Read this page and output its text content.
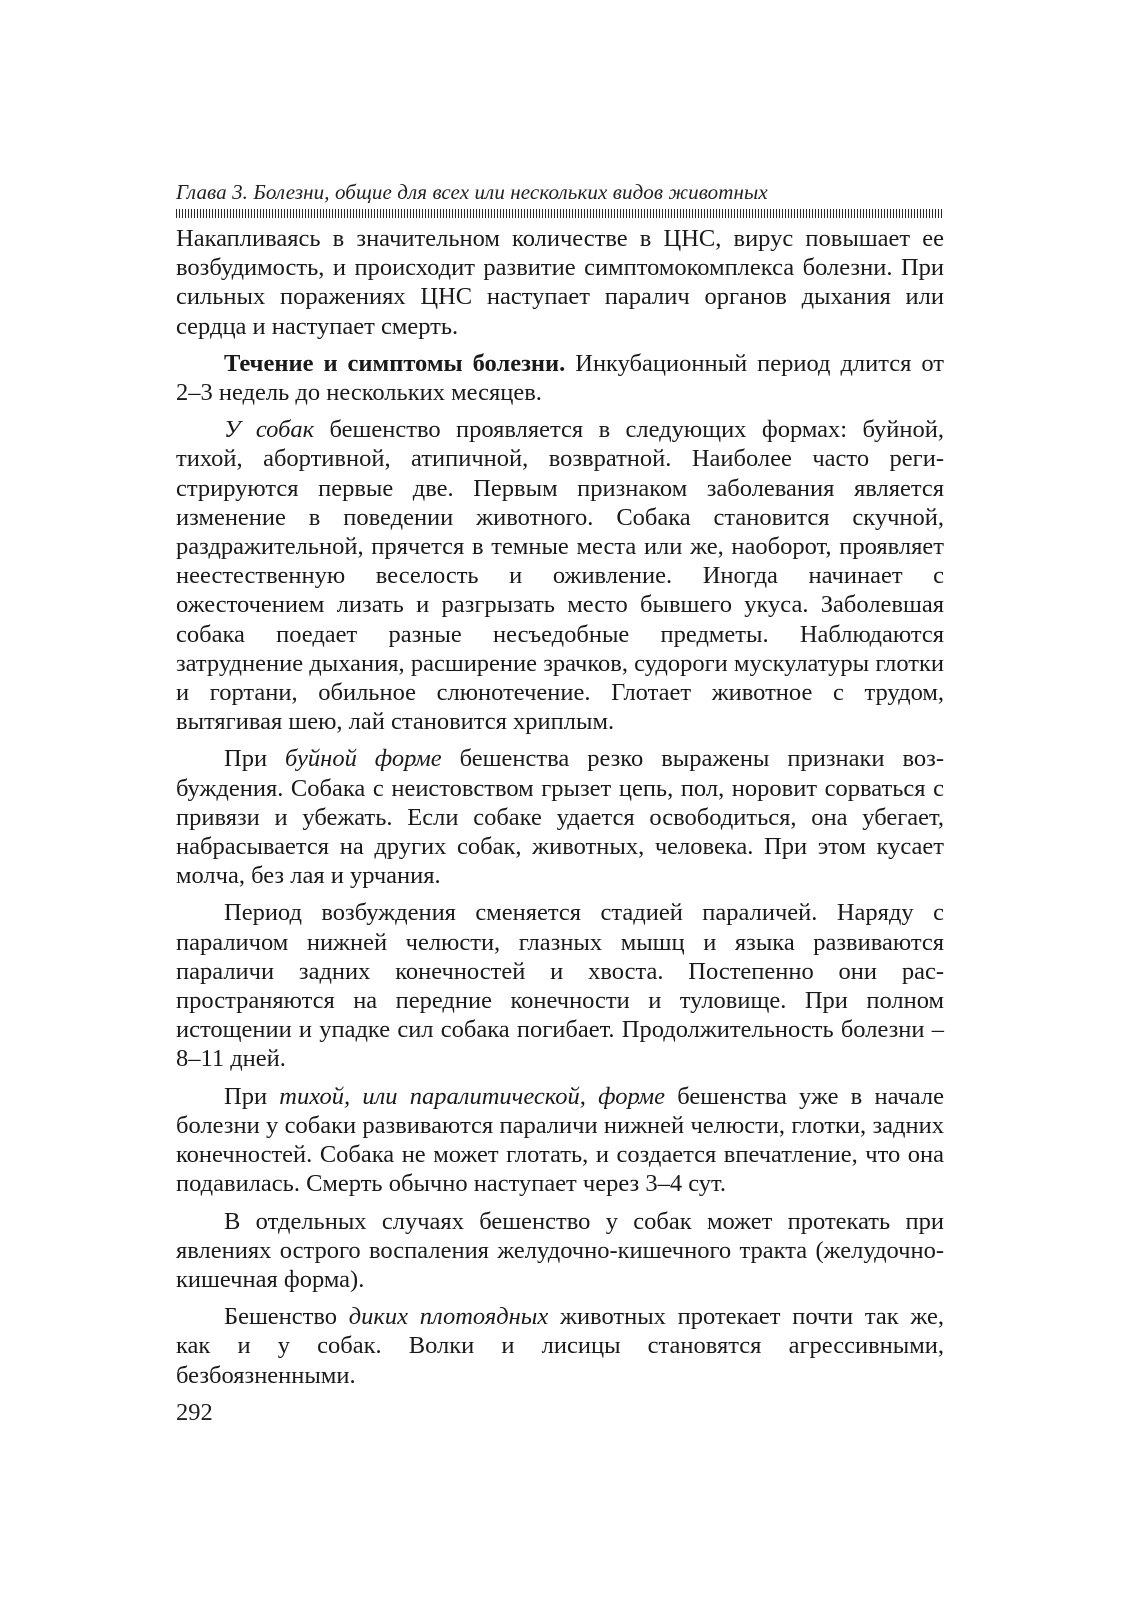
Глава 3. Болезни, общие для всех или нескольких видов животных

Накапливаясь в значительном количестве в ЦНС, вирус повышает ее возбудимость, и происходит развитие симптомокомплекса болезни. При сильных поражениях ЦНС наступает паралич органов дыхания или сердца и наступает смерть.

Течение и симптомы болезни. Инкубационный период длится от 2–3 недель до нескольких месяцев.

У собак бешенство проявляется в следующих формах: буйной, тихой, абортивной, атипичной, возвратной. Наиболее часто регистрируются первые две. Первым признаком заболевания является изменение в поведении животного. Собака становится скучной, раздражительной, прячется в темные места или же, наоборот, проявляет неестественную веселость и оживление. Иногда начинает с ожесточением лизать и разгрызать место бывшего укуса. Заболевшая собака поедает разные несъедобные предметы. Наблюдаются затруднение дыхания, расширение зрачков, судороги мускулатуры глотки и гортани, обильное слюнотечение. Глотает животное с трудом, вытягивая шею, лай становится хриплым.

При буйной форме бешенства резко выражены признаки возбуждения. Собака с неистовством грызет цепь, пол, норовит сорваться с привязи и убежать. Если собаке удается освободиться, она убегает, набрасывается на других собак, животных, человека. При этом кусает молча, без лая и урчания.

Период возбуждения сменяется стадией параличей. Наряду с параличом нижней челюсти, глазных мышц и языка развиваются параличи задних конечностей и хвоста. Постепенно они распространяются на передние конечности и туловище. При полном истощении и упадке сил собака погибает. Продолжительность болезни – 8–11 дней.

При тихой, или паралитической, форме бешенства уже в начале болезни у собаки развиваются параличи нижней челюсти, глотки, задних конечностей. Собака не может глотать, и создается впечатление, что она подавилась. Смерть обычно наступает через 3–4 сут.

В отдельных случаях бешенство у собак может протекать при явлениях острого воспаления желудочно-кишечного тракта (желудочно-кишечная форма).

Бешенство диких плотоядных животных протекает почти так же, как и у собак. Волки и лисицы становятся агрессивными, безбоязненными.

292
